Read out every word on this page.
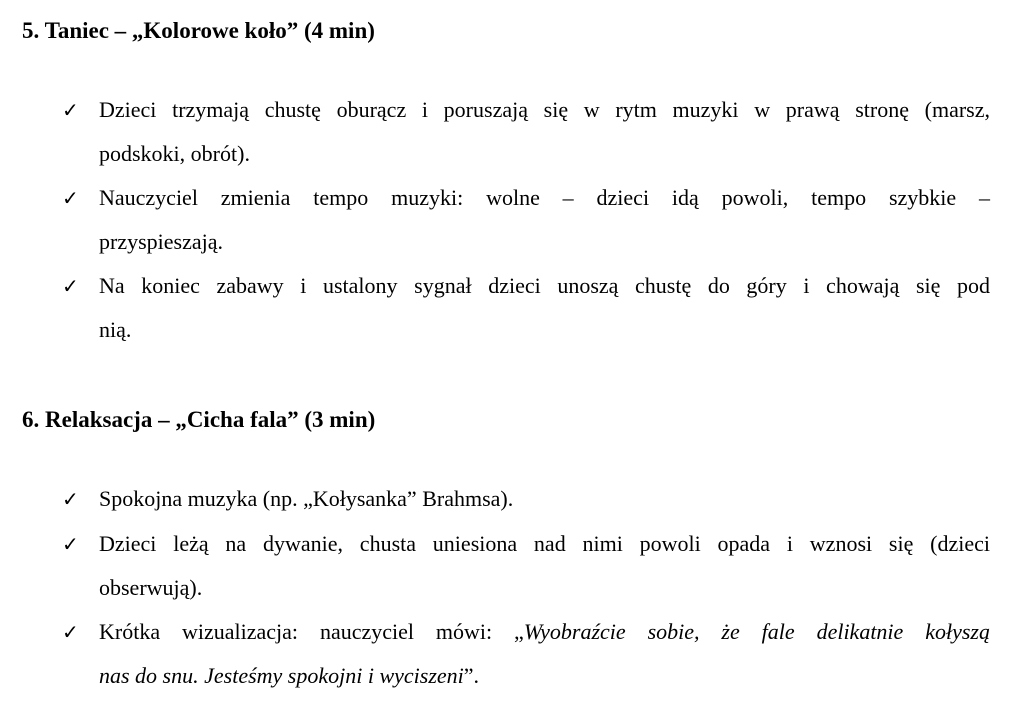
5. Taniec – „Kolorowe koło” (4 min)
✓ Dzieci trzymają chustę oburącz i poruszają się w rytm muzyki w prawą stronę (marsz,
podskoki, obrót).
✓ Nauczyciel zmienia tempo muzyki: wolne – dzieci idą powoli, tempo szybkie –
przyspieszają.
✓ Na koniec zabawy i ustalony sygnał dzieci unoszą chustę do góry i chowają się pod
nią.
6. Relaksacja – „Cicha fala” (3 min)
✓ Spokojna muzyka (np. „Kołysanka” Brahmsa).
✓ Dzieci leżą na dywanie, chusta uniesiona nad nimi powoli opada i wznosi się (dzieci
obserwują).
✓ Krótka wizualizacja: nauczyciel mówi: „Wyobraźcie sobie, że fale delikatnie kołyszą
nas do snu. Jesteśmy spokojni i wyciszeni”.
